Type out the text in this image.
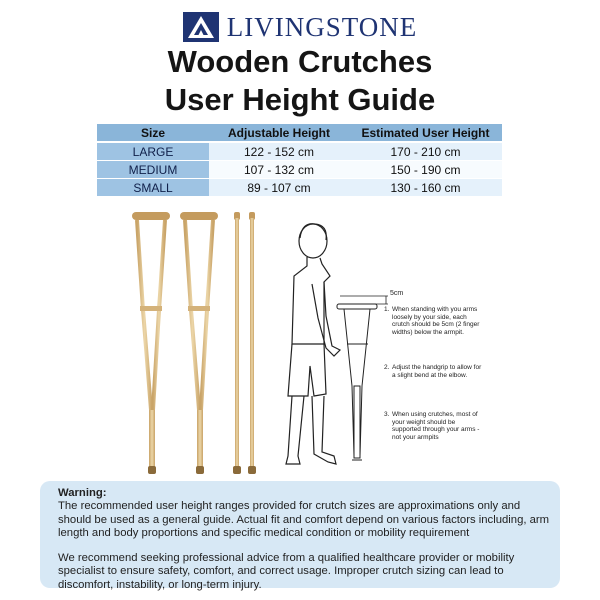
LIVINGSTONE
Wooden Crutches
User Height Guide
Size	Adjustable Height	Estimated User Height
LARGE	122 - 152 cm	170 - 210 cm
MEDIUM	107 - 132 cm	150 - 190 cm
SMALL	89 - 107 cm	130 - 160 cm
5cm
1. When standing with you arms loosely by your side, each crutch should be 5cm (2 finger widths) below the armpit.
2. Adjust the handgrip to allow for a slight bend at the elbow.
3. When using crutches, most of your weight should be supported through your arms - not your armpits

Warning:

The recommended user height ranges provided for crutch sizes are approximations only and should be used as a general guide. Actual fit and comfort depend on various factors including, arm length and body proportions and specific medical condition or mobility requirement

We recommend seeking professional advice from a qualified healthcare provider or mobility specialist to ensure safety, comfort, and correct usage. Improper crutch sizing can lead to discomfort, instability, or long-term injury.
